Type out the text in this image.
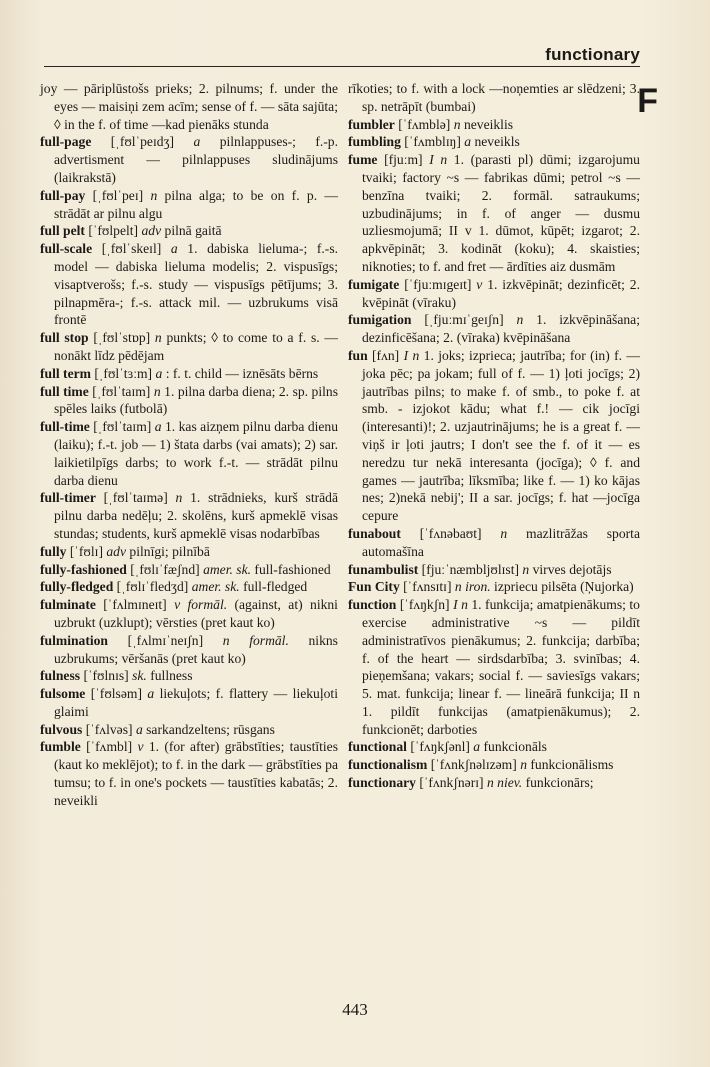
functionary
F

joy — pāriplūstošs prieks; 2. pilnums; f. under the eyes — maisiņi zem acīm; sense of f. — sāta sajūta; ◊ in the f. of time —kad pienāks stunda

full-page [ˌfʊlˈpeɪdʒ] a pilnlappuses-; f.-p. advertisment — pilnlappuses sludinājums (laikrakstā)

full-pay [ˌfʊlˈpeɪ] n pilna alga; to be on f. p. — strādāt ar pilnu algu

full pelt [ˈfʊlpelt] adv pilnā gaitā

full-scale [ˌfʊlˈskeɪl] a 1. dabiska lieluma-; f.-s. model — dabiska lieluma modelis; 2. vispusīgs; visaptverošs; f.-s. study — vispusīgs pētījums; 3. pilnapmēra-; f.-s. attack mil. — uzbrukums visā frontē

full stop [ˌfʊlˈstɒp] n punkts; ◊ to come to a f. s. — nonākt līdz pēdējam

full term [ˌfʊlˈtɜːm] a : f. t. child — iznēsāts bērns

full time [ˌfʊlˈtaɪm] n 1. pilna darba diena; 2. sp. pilns spēles laiks (futbolā)

full-time [ˌfʊlˈtaɪm] a 1. kas aizņem pilnu darba dienu (laiku); f.-t. job — 1) štata darbs (vai amats); 2) sar. laikietilpīgs darbs; to work f.-t. — strādāt pilnu darba dienu

full-timer [ˌfʊlˈtaɪmə] n 1. strādnieks, kurš strādā pilnu darba nedēļu; 2. skolēns, kurš apmeklē visas stundas; students, kurš apmeklē visas nodarbības

fully [ˈfʊlɪ] adv pilnīgi; pilnībā

fully-fashioned [ˌfʊlɪˈfæʃnd] amer. sk. full-fashioned

fully-fledged [ˌfʊlɪˈfledʒd] amer. sk. full-fledged

fulminate [ˈfʌlmɪneɪt] v formāl. (against, at) nikni uzbrukt (uzklupt); vērsties (pret kaut ko)

fulmination [ˌfʌlmɪˈneɪʃn] n formāl. nikns uzbrukums; vēršanās (pret kaut ko)

fulness [ˈfʊlnɪs] sk. fullness

fulsome [ˈfʊlsəm] a liekuļots; f. flattery — liekuļoti glaimi

fulvous [ˈfʌlvəs] a sarkandzeltens; rūsgans

fumble [ˈfʌmbl] v 1. (for after) grābstīties; taustīties (kaut ko meklējot); to f. in the dark — grābstīties pa tumsu; to f. in one's pockets — taustīties kabatās; 2. neveikli

rīkoties; to f. with a lock —noņemties ar slēdzeni; 3. sp. netrāpīt (bumbai)

fumbler [ˈfʌmblə] n neveiklis

fumbling [ˈfʌmblɪŋ] a neveikls

fume [fjuːm] I n 1. (parasti pl) dūmi; izgarojumu tvaiki; factory ~s — fabrikas dūmi; petrol ~s — benzīna tvaiki; 2. formāl. satraukums; uzbudinājums; in f. of anger — dusmu uzliesmojumā; II v 1. dūmot, kūpēt; izgarot; 2. apkvēpināt; 3. kodināt (koku); 4. skaisties; niknoties; to f. and fret — ārdīties aiz dusmām

fumigate [ˈfjuːmɪgeɪt] v 1. izkvēpināt; dezinficēt; 2. kvēpināt (vīraku)

fumigation [ˌfjuːmɪˈgeɪʃn] n 1. izkvēpināšana; dezinficēšana; 2. (vīraka) kvēpināšana

fun [fʌn] I n 1. joks; izprieca; jautrība; for (in) f. — joka pēc; pa jokam; full of f. — 1) ļoti jocīgs; 2) jautrības pilns; to make f. of smb., to poke f. at smb. - izjokot kādu; what f.! — cik jocīgi (interesanti)!; 2. uzjautrinājums; he is a great f. — viņš ir ļoti jautrs; I don't see the f. of it — es neredzu tur nekā interesanta (jocīga); ◊ f. and games — jautrība; līksmība; like f. — 1) ko kājas nes; 2)nekā nebij'; II a sar. jocīgs; f. hat —jocīga cepure

funabout [ˈfʌnəbaʊt] n mazlitrāžas sporta automašīna

funambulist [fjuːˈnæmbljʊlɪst] n virves dejotājs

Fun City [ˈfʌnsɪtɪ] n iron. izpriecu pilsēta (Ņujorka)

function [ˈfʌŋkʃn] I n 1. funkcija; amatpienākums; to exercise administrative ~s — pildīt administratīvos pienākumus; 2. funkcija; darbība; f. of the heart — sirdsdarbība; 3. svinības; 4. pieņemšana; vakars; social f. — saviesīgs vakars; 5. mat. funkcija; linear f. — lineārā funkcija; II n 1. pildīt funkcijas (amatpienākumus); 2. funkcionēt; darboties

functional [ˈfʌŋkʃənl] a funkcionāls

functionalism [ˈfʌnkʃnəlɪzəm] n funkcionālisms

functionary [ˈfʌnkʃnərɪ] n niev. funkcionārs;

443
